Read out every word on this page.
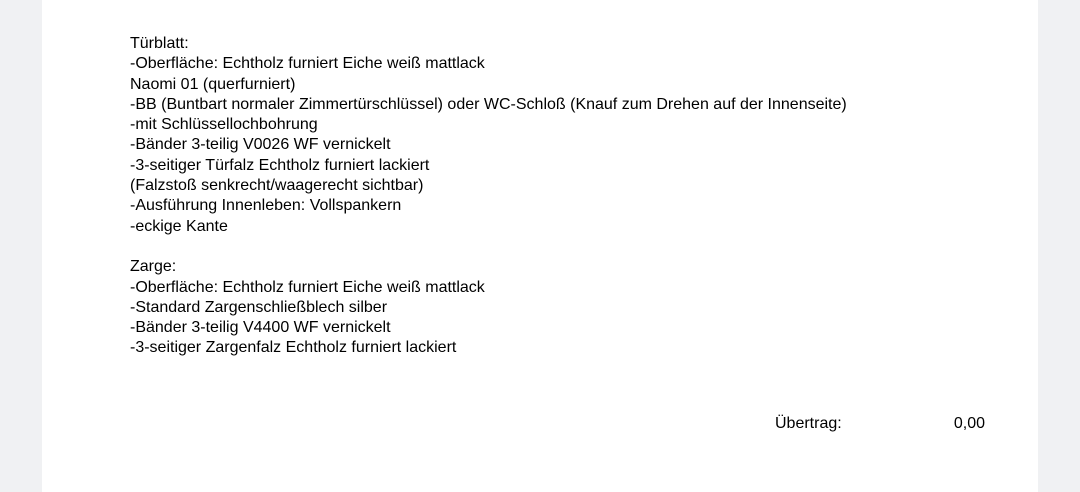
Türblatt:
-Oberfläche: Echtholz furniert Eiche weiß mattlack
Naomi 01 (querfurniert)
-BB (Buntbart normaler Zimmertürschlüssel) oder WC-Schloß (Knauf zum Drehen auf der Innenseite)
-mit Schlüssellochbohrung
-Bänder 3-teilig V0026 WF vernickelt
-3-seitiger Türfalz Echtholz furniert lackiert
(Falzstoß senkrecht/waagerecht sichtbar)
-Ausführung Innenleben: Vollspankern
-eckige Kante
Zarge:
-Oberfläche: Echtholz furniert Eiche weiß mattlack
-Standard Zargenschließblech silber
-Bänder 3-teilig V4400 WF vernickelt
-3-seitiger Zargenfalz Echtholz furniert lackiert
Übertrag:	0,00
